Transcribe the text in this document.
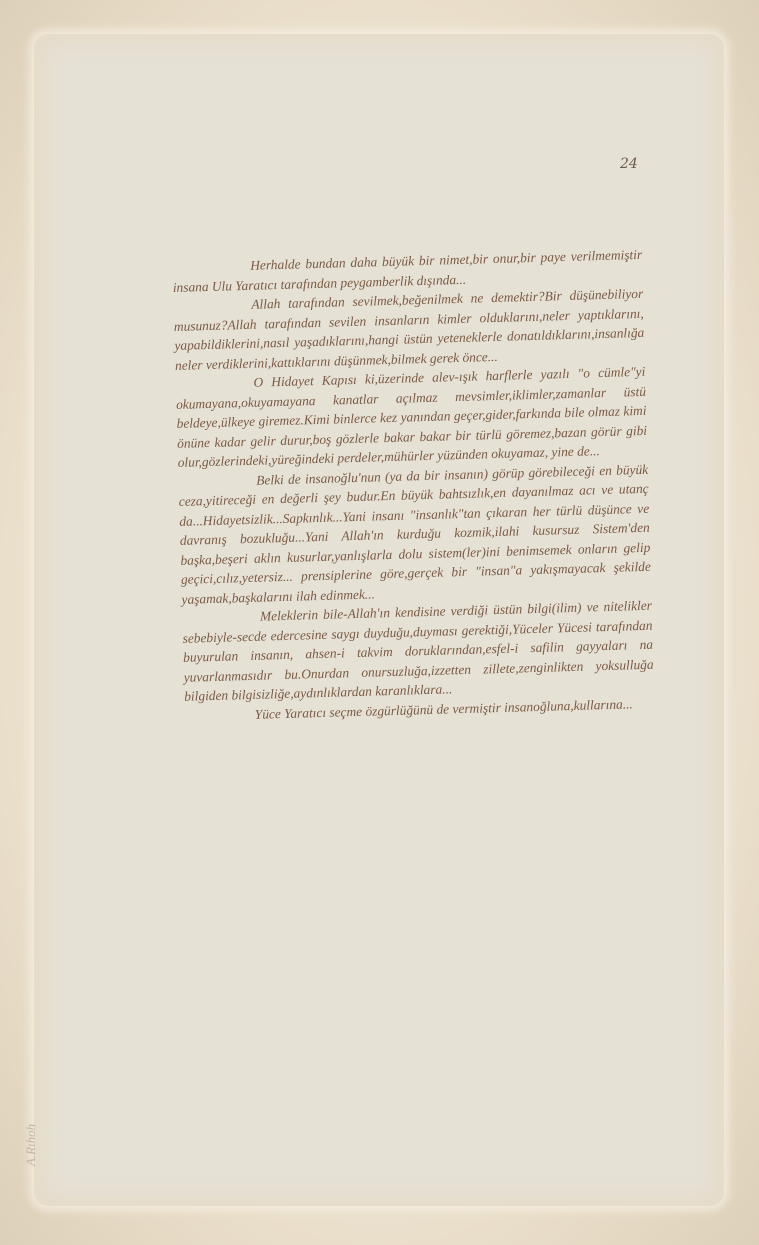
24

Herhalde bundan daha büyük bir nimet,bir onur,bir paye verilmemiştir insana Ulu Yaratıcı tarafından peygamberlik dışında...

Allah tarafından sevilmek,beğenilmek ne demektir?Bir düşünebiliyor musunuz?Allah tarafından sevilen insanların kimler olduklarını,neler yaptıklarını, yapabildiklerini,nasıl yaşadıklarını,hangi üstün yeteneklerle donatıldıklarını,insanlığa neler verdiklerini,kattıklarını düşünmek,bilmek gerek önce...

O Hidayet Kapısı ki,üzerinde alev-ışık harflerle yazılı "o cümle"yi okumayana,okuyamayana kanatlar açılmaz mevsimler,iklimler,zamanlar üstü beldeye,ülkeye giremez.Kimi binlerce kez yanından geçer,gider,farkında bile olmaz kimi önüne kadar gelir durur,boş gözlerle bakar bakar bir türlü göremez,bazan görür gibi olur,gözlerindeki,yüreğindeki perdeler,mühürler yüzünden okuyamaz, yine de...

Belki de insanoğlu'nun (ya da bir insanın) görüp görebileceği en büyük ceza,yitireceği en değerli şey budur.En büyük bahtsızlık,en dayanılmaz acı ve utanç da...Hidayetsizlik...Sapkınlık...Yani insanı "insanlık"tan çıkaran her türlü düşünce ve davranış bozukluğu...Yani Allah'ın kurduğu kozmik,ilahi kusursuz Sistem'den başka,beşeri aklın kusurlar,yanlışlarla dolu sistem(ler)ini benimsemek onların gelip geçici,cılız,yetersiz... prensiplerine göre,gerçek bir "insan"a yakışmayacak şekilde yaşamak,başkalarını ilah edinmek...

Meleklerin bile-Allah'ın kendisine verdiği üstün bilgi(ilim) ve nitelikler sebebiyle-secde edercesine saygı duyduğu,duyması gerektiği,Yüceler Yücesi tarafından buyurulan insanın, ahsen-i takvim doruklarından,esfel-i safilin gayyaları na yuvarlanmasıdır bu.Onurdan onursuzluğa,izzetten zillete,zenginlikten yoksulluğa bilgiden bilgisizliğe,aydınlıklardan karanlıklara...

Yüce Yaratıcı seçme özgürlüğünü de vermiştir insanoğluna,kullarına...

A.Rıhoh
